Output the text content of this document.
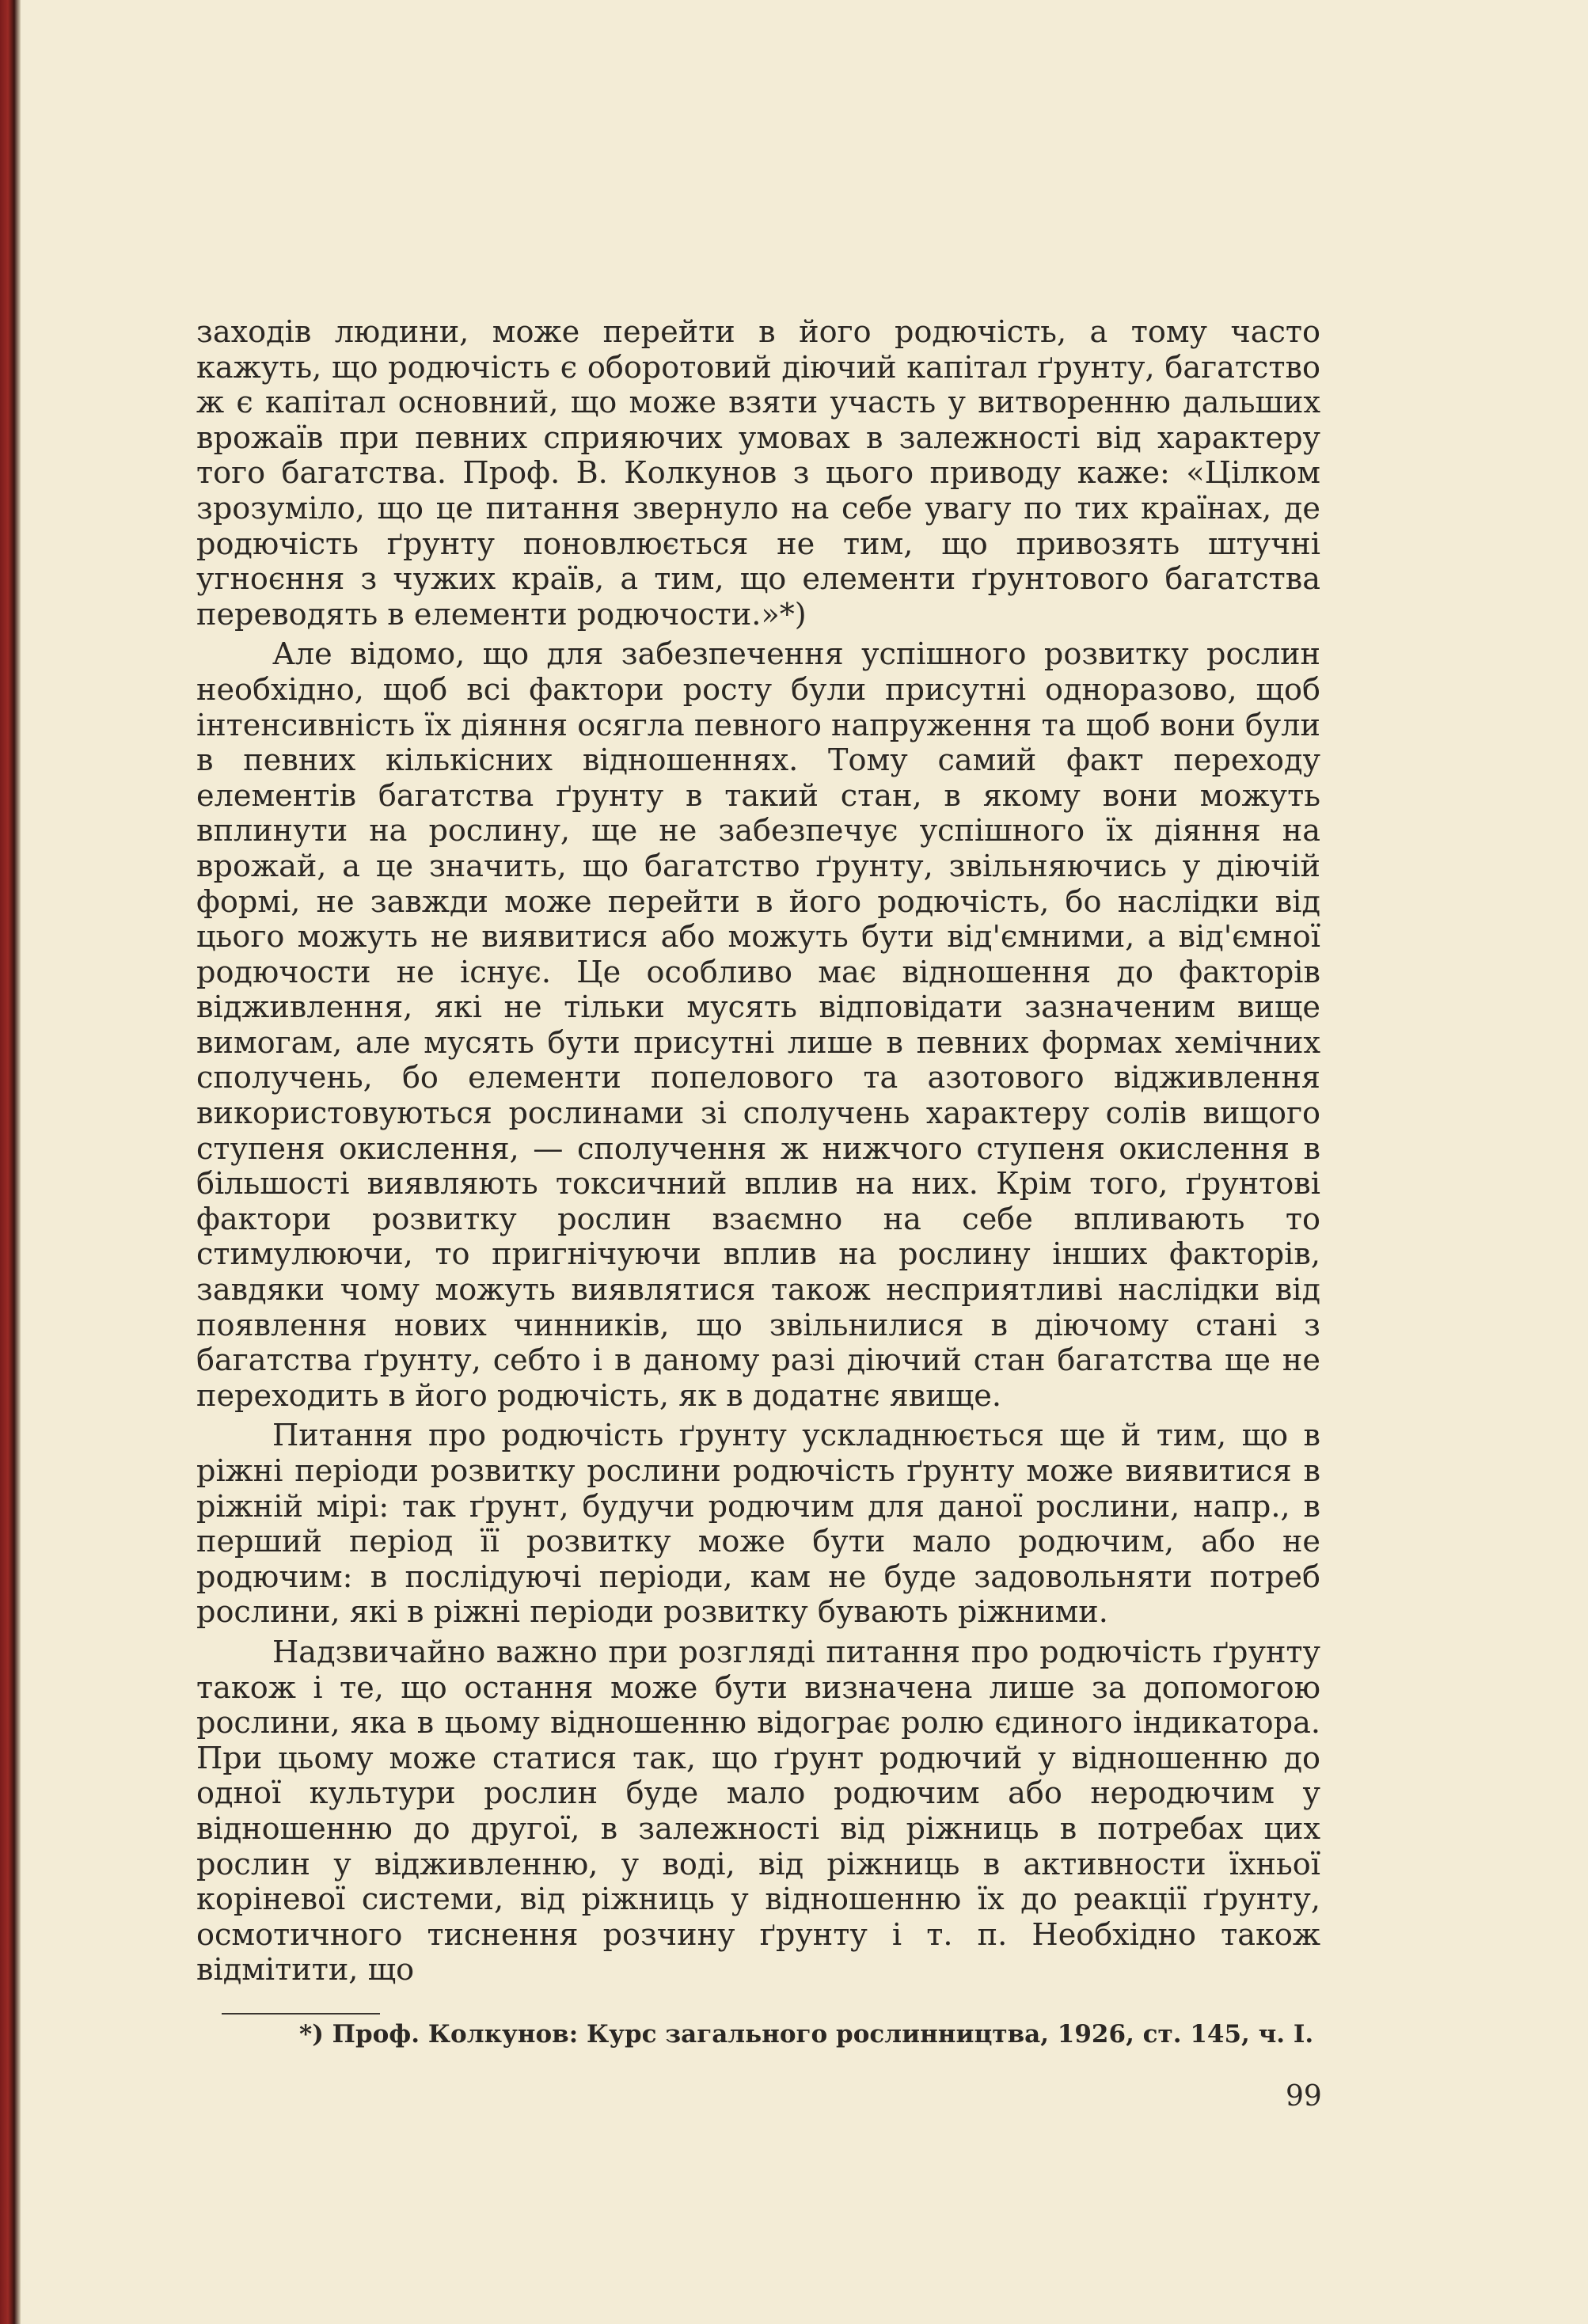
заходів людини, може перейти в його родючість, а тому часто кажуть, що родючість є оборотовий діючий капітал ґрунту, багатство ж є капітал основний, що може взяти участь у витворенню дальших врожаїв при певних сприяючих умовах в залежності від характеру того багатства. Проф. В. Колкунов з цього приводу каже: «Цілком зрозуміло, що це питання звернуло на себе увагу по тих країнах, де родючість ґрунту поновлюється не тим, що привозять штучні угноєння з чужих країв, а тим, що елементи ґрунтового багатства переводять в елементи родючости.»*)

Але відомо, що для забезпечення успішного розвитку рослин необхідно, щоб всі фактори росту були присутні одноразово, щоб інтенсивність їх діяння осягла певного напруження та щоб вони були в певних кількісних відношеннях. Тому самий факт переходу елементів багатства ґрунту в такий стан, в якому вони можуть вплинути на рослину, ще не забезпечує успішного їх діяння на врожай, а це значить, що багатство ґрунту, звільняючись у діючій формі, не завжди може перейти в його родючість, бо наслідки від цього можуть не виявитися або можуть бути від'ємними, а від'ємної родючости не існує. Це особливо має відношення до факторів відживлення, які не тільки мусять відповідати зазначеним вище вимогам, але мусять бути присутні лише в певних формах хемічних сполучень, бо елементи попелового та азотового відживлення використовуються рослинами зі сполучень характеру солів вищого ступеня окислення, — сполучення ж нижчого ступеня окислення в більшості виявляють токсичний вплив на них. Крім того, ґрунтові фактори розвитку рослин взаємно на себе впливають то стимулюючи, то пригнічуючи вплив на рослину інших факторів, завдяки чому можуть виявлятися також несприятливі наслідки від появлення нових чинників, що звільнилися в діючому стані з багатства ґрунту, себто і в даному разі діючий стан багатства ще не переходить в його родючість, як в додатнє явище.

Питання про родючість ґрунту ускладнюється ще й тим, що в ріжні періоди розвитку рослини родючість ґрунту може виявитися в ріжній мірі: так ґрунт, будучи родючим для даної рослини, напр., в перший період її розвитку може бути мало родючим, або не родючим: в послідуючі періоди, кам не буде задовольняти потреб рослини, які в ріжні періоди розвитку бувають ріжними.

Надзвичайно важно при розгляді питання про родючість ґрунту також і те, що остання може бути визначена лише за допомогою рослини, яка в цьому відношенню відограє ролю єдиного індикатора. При цьому може статися так, що ґрунт родючий у відношенню до одної культури рослин буде мало родючим або неродючим у відношенню до другої, в залежності від ріжниць в потребах цих рослин у відживленню, у воді, від ріжниць в активности їхньої коріневої системи, від ріжниць у відношенню їх до реакції ґрунту, осмотичного тиснення розчину ґрунту і т. п. Необхідно також відмітити, що

*) Проф. Колкунов: Курс загального рослинництва, 1926, ст. 145, ч. I.
99
